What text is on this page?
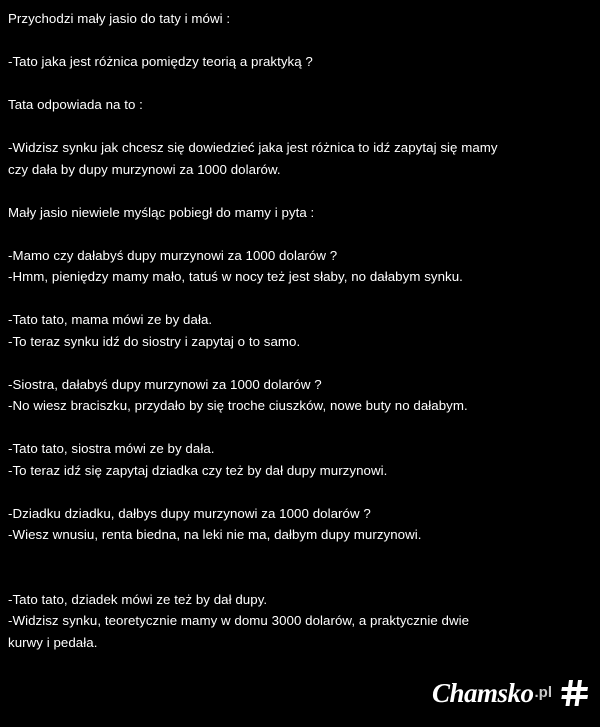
Przychodzi mały jasio do taty i mówi :
-Tato jaka jest różnica pomiędzy teorią a praktyką ?
Tata odpowiada na to :
-Widzisz synku jak chcesz się dowiedzieć jaka jest różnica to idź zapytaj się mamy
czy dała by dupy murzynowi za 1000 dolarów.
Mały jasio niewiele myśląc pobiegł do mamy i pyta :
-Mamo czy dałabyś dupy murzynowi za 1000 dolarów ?
-Hmm, pieniędzy mamy mało, tatuś w nocy też jest słaby, no dałabym synku.
-Tato tato, mama mówi ze by dała.
-To teraz synku idź do siostry i zapytaj o to samo.
-Siostra, dałabyś dupy murzynowi za 1000 dolarów ?
-No wiesz braciszku, przydało by się troche ciuszków, nowe buty no dałabym.
-Tato tato, siostra mówi ze by dała.
-To teraz idź się zapytaj dziadka czy też by dał dupy murzynowi.
-Dziadku dziadku, dałbys dupy murzynowi za 1000 dolarów ?
-Wiesz wnusiu, renta biedna, na leki nie ma, dałbym dupy murzynowi.
-Tato tato, dziadek mówi ze też by dał dupy.
-Widzisz synku, teoretycznie mamy w domu 3000 dolarów, a praktycznie dwie
kurwy i pedała.
Chamsko .pl
